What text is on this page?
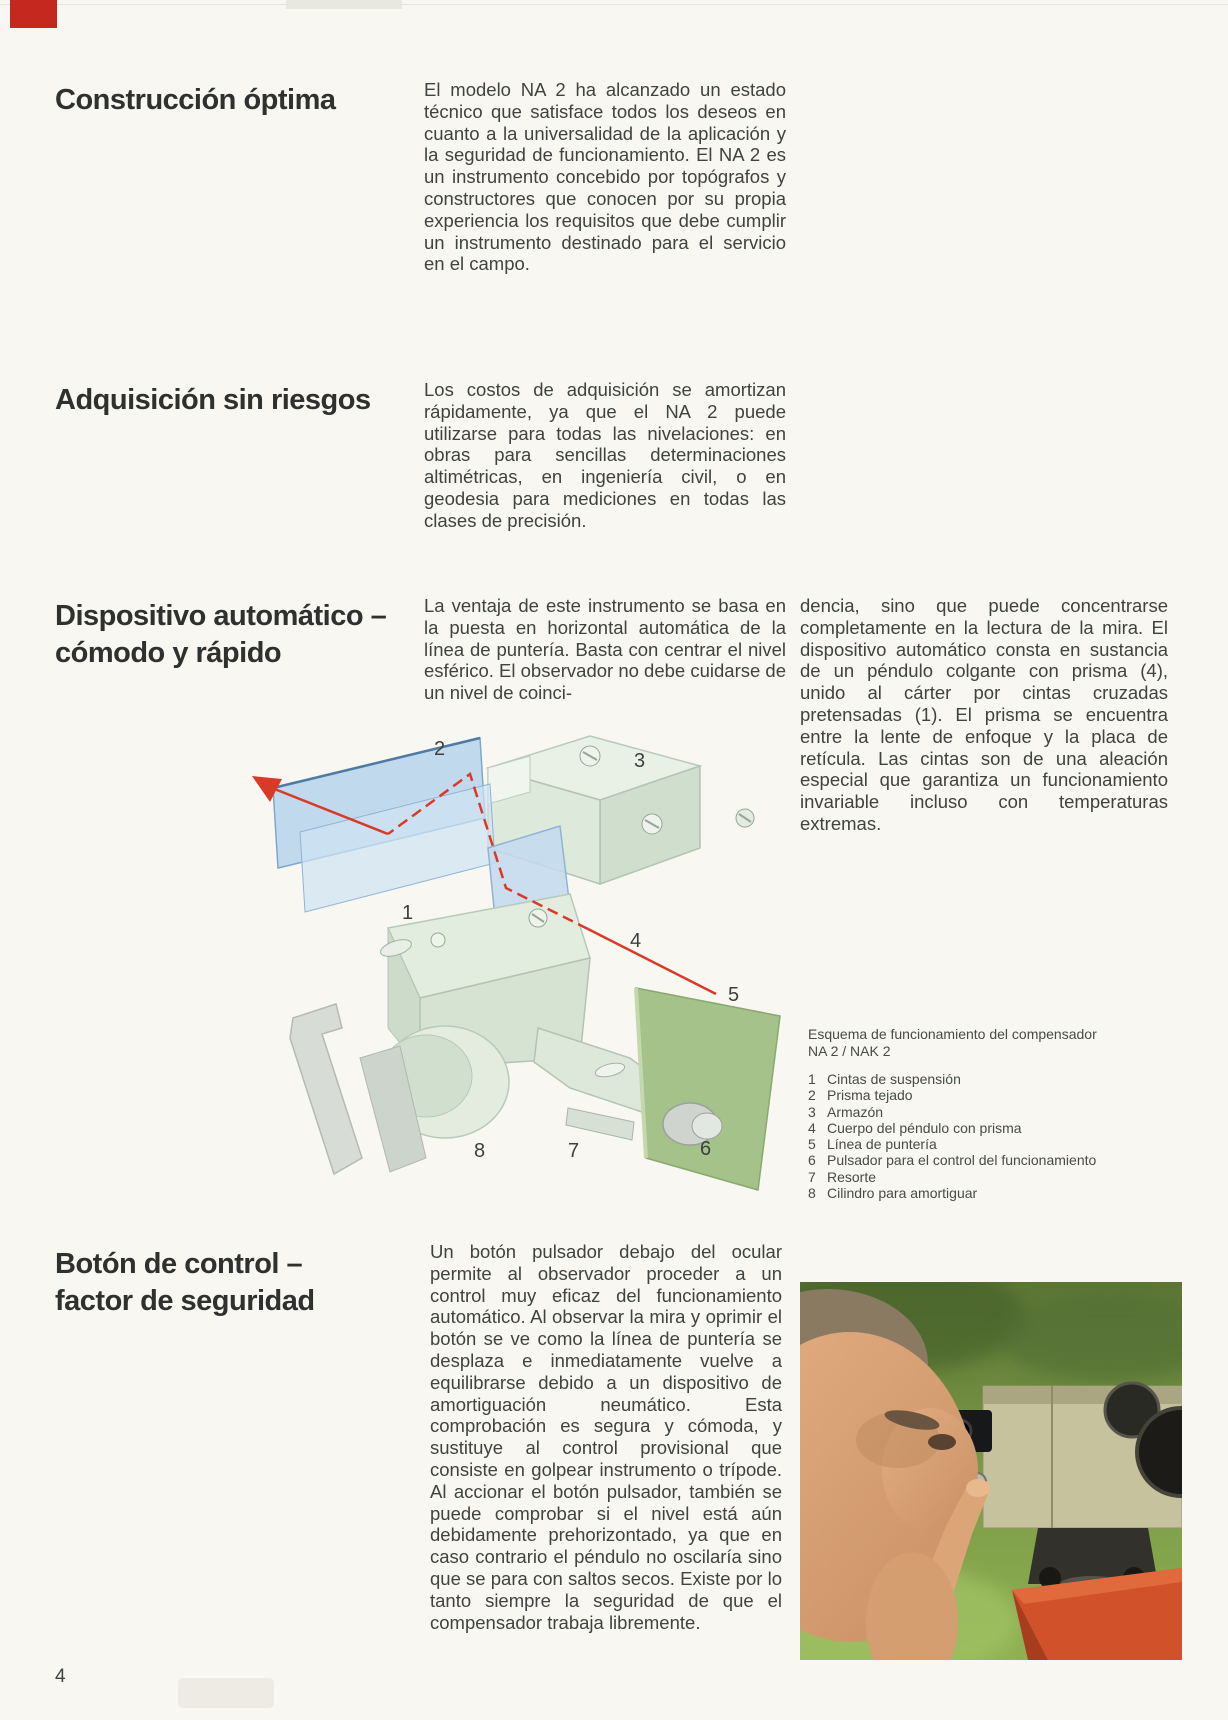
Construcción óptima	El modelo NA 2 ha alcanzado un estado técnico que satisface todos los deseos en cuanto a la universalidad de la aplicación y la seguridad de funcionamiento. El NA 2 es un instrumento concebido por topógrafos y constructores que conocen por su propia experiencia los requisitos que debe cumplir un instrumento destinado para el servicio en el campo.
Adquisición sin riesgos	Los costos de adquisición se amortizan rápidamente, ya que el NA 2 puede utilizarse para todas las nivelaciones: en obras para sencillas determinaciones altimétricas, en ingeniería civil, o en geodesia para mediciones en todas las clases de precisión.
Dispositivo automático –
cómodo y rápido
La ventaja de este instrumento se basa en la puesta en horizontal automática de la línea de puntería. Basta con centrar el nivel esférico. El observador no debe cuidarse de un nivel de coinci-
dencia, sino que puede concentrarse completamente en la lectura de la mira. El dispositivo automático consta en sustancia de un péndulo colgante con prisma (4), unido al cárter por cintas cruzadas pretensadas (1). El prisma se encuentra entre la lente de enfoque y la placa de retícula. Las cintas son de una aleación especial que garantiza un funcionamiento invariable incluso con temperaturas extremas.
1
2
3
4
5
6
7
8
Esquema de funcionamiento del compensador
NA 2 / NAK 2
1 Cintas de suspensión
2 Prisma tejado
3 Armazón
4 Cuerpo del péndulo con prisma
5 Línea de puntería
6 Pulsador para el control del funcionamiento
7 Resorte
8 Cilindro para amortiguar
Botón de control –
factor de seguridad
Un botón pulsador debajo del ocular permite al observador proceder a un control muy eficaz del funcionamiento automático. Al observar la mira y oprimir el botón se ve como la línea de puntería se desplaza e inmediatamente vuelve a equilibrarse debido a un dispositivo de amortiguación neumático. Esta comprobación es segura y cómoda, y sustituye al control provisional que consiste en golpear instrumento o trípode. Al accionar el botón pulsador, también se puede comprobar si el nivel está aún debidamente prehorizontado, ya que en caso contrario el péndulo no oscilaría sino que se para con saltos secos. Existe por lo tanto siempre la seguridad de que el compensador trabaja libremente.
4
